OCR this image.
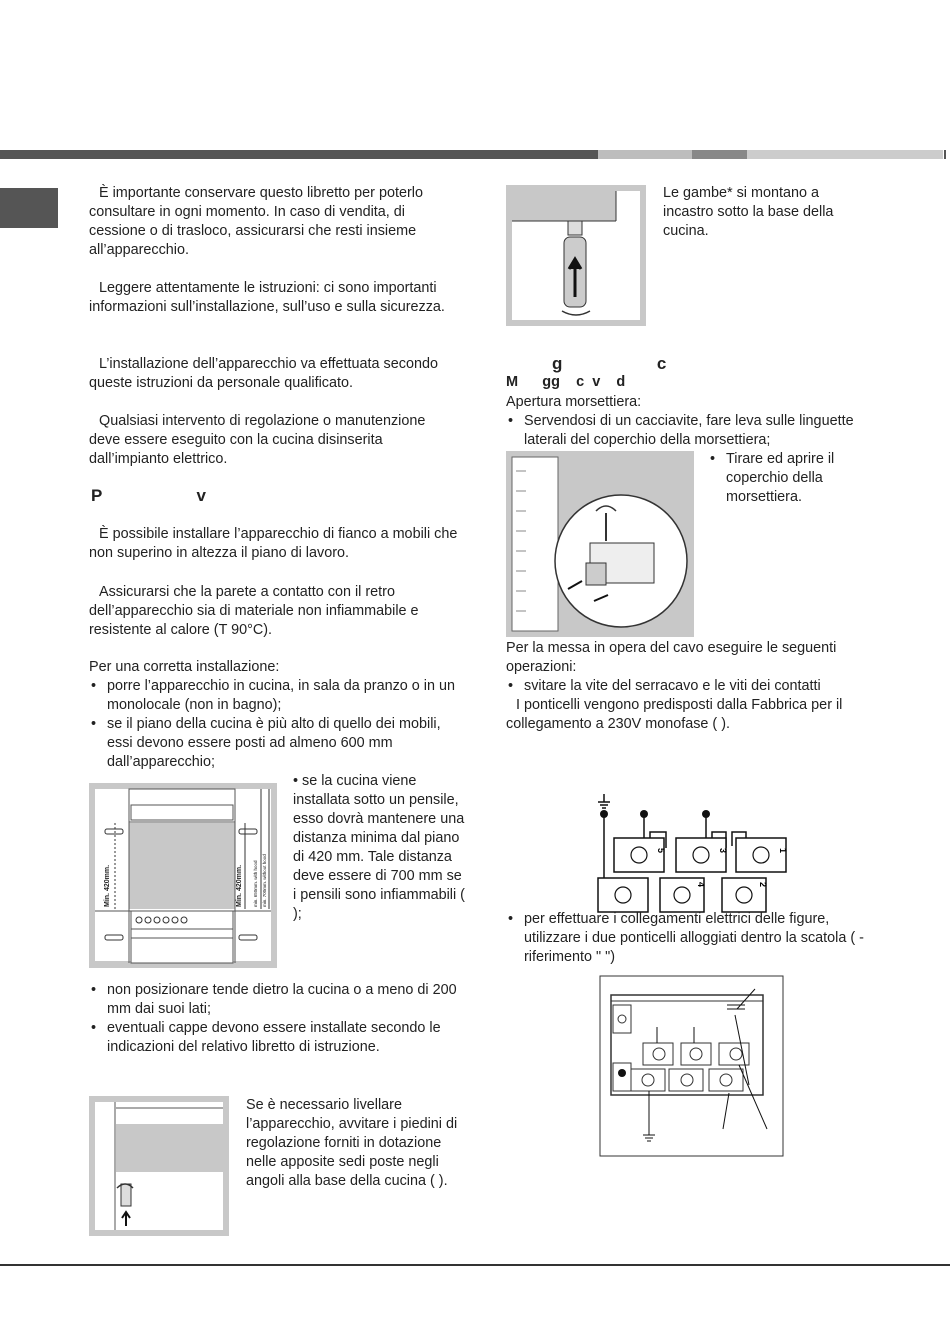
È importante conservare questo libretto per poterlo consultare in ogni momento. In caso di vendita, di cessione o di trasloco, assicurarsi che resti insieme all’apparecchio.

Leggere attentamente le istruzioni: ci sono importanti informazioni sull’installazione, sull’uso e sulla sicurezza.

L’installazione dell’apparecchio va effettuata secondo queste istruzioni da personale qualificato.

Qualsiasi intervento di regolazione o manutenzione deve essere eseguito con la cucina disinserita dall’impianto elettrico.

P                    v

È possibile installare l’apparecchio di fianco a mobili che non superino in altezza il piano di lavoro.

Assicurarsi che la parete a contatto con il retro dell’apparecchio sia di materiale non infiammabile e resistente al calore (T 90°C).

Per una corretta installazione:

• porre l’apparecchio in cucina, in sala da pranzo o in un monolocale (non in bagno);
• se il piano della cucina è più alto di quello dei mobili, essi devono essere posti ad almeno 600 mm dall’apparecchio;
Min. 420mm.	Min. 420mm. min. 650mm. with hood min. 700mm. without hood

• se la cucina viene installata sotto un pensile, esso dovrà mantenere una distanza minima dal piano di 420 mm. Tale distanza deve essere di 700 mm se i pensili sono infiammabili ( );

• non posizionare tende dietro la cucina o a meno di 200 mm dai suoi lati;
• eventuali cappe devono essere installate secondo le indicazioni del relativo libretto di istruzione.

Se è necessario livellare l’apparecchio, avvitare i piedini di regolazione forniti in dotazione nelle apposite sedi poste negli angoli alla base della cucina ( ).

Le gambe* si montano a incastro sotto la base della cucina.

g                    c

M      gg    c  v    d

Apertura morsettiera:

• Servendosi di un cacciavite, fare leva sulle linguette laterali del coperchio della morsettiera;
• Tirare ed aprire il coperchio della morsettiera.

Per la messa in opera del cavo eseguire le seguenti operazioni:

• svitare la vite del serracavo e le viti dei contatti

I ponticelli vengono predisposti dalla Fabbrica per il collegamento a 230V monofase ( ).

5	3	1
4	2
• per effettuare i collegamenti elettrici delle figure, utilizzare i due ponticelli alloggiati dentro la scatola ( - riferimento " ")
